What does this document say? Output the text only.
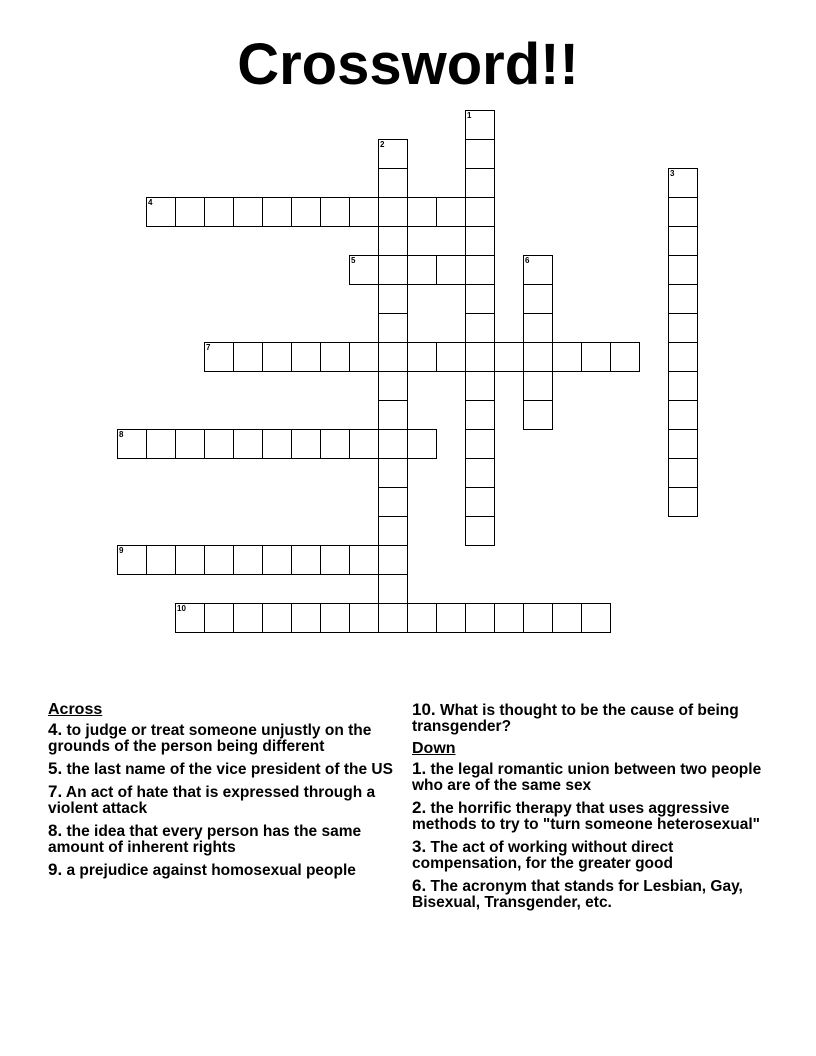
Crossword!!
1
2
3
4
5	6
7
8
9
10
Across
4. to judge or treat someone unjustly on the grounds of the person being different
5. the last name of the vice president of the US
7. An act of hate that is expressed through a violent attack
8. the idea that every person has the same amount of inherent rights
9. a prejudice against homosexual people
10. What is thought to be the cause of being transgender?
Down
1. the legal romantic union between two people who are of the same sex
2. the horrific therapy that uses aggressive methods to try to "turn someone heterosexual"
3. The act of working without direct compensation, for the greater good
6. The acronym that stands for Lesbian, Gay, Bisexual, Transgender, etc.
